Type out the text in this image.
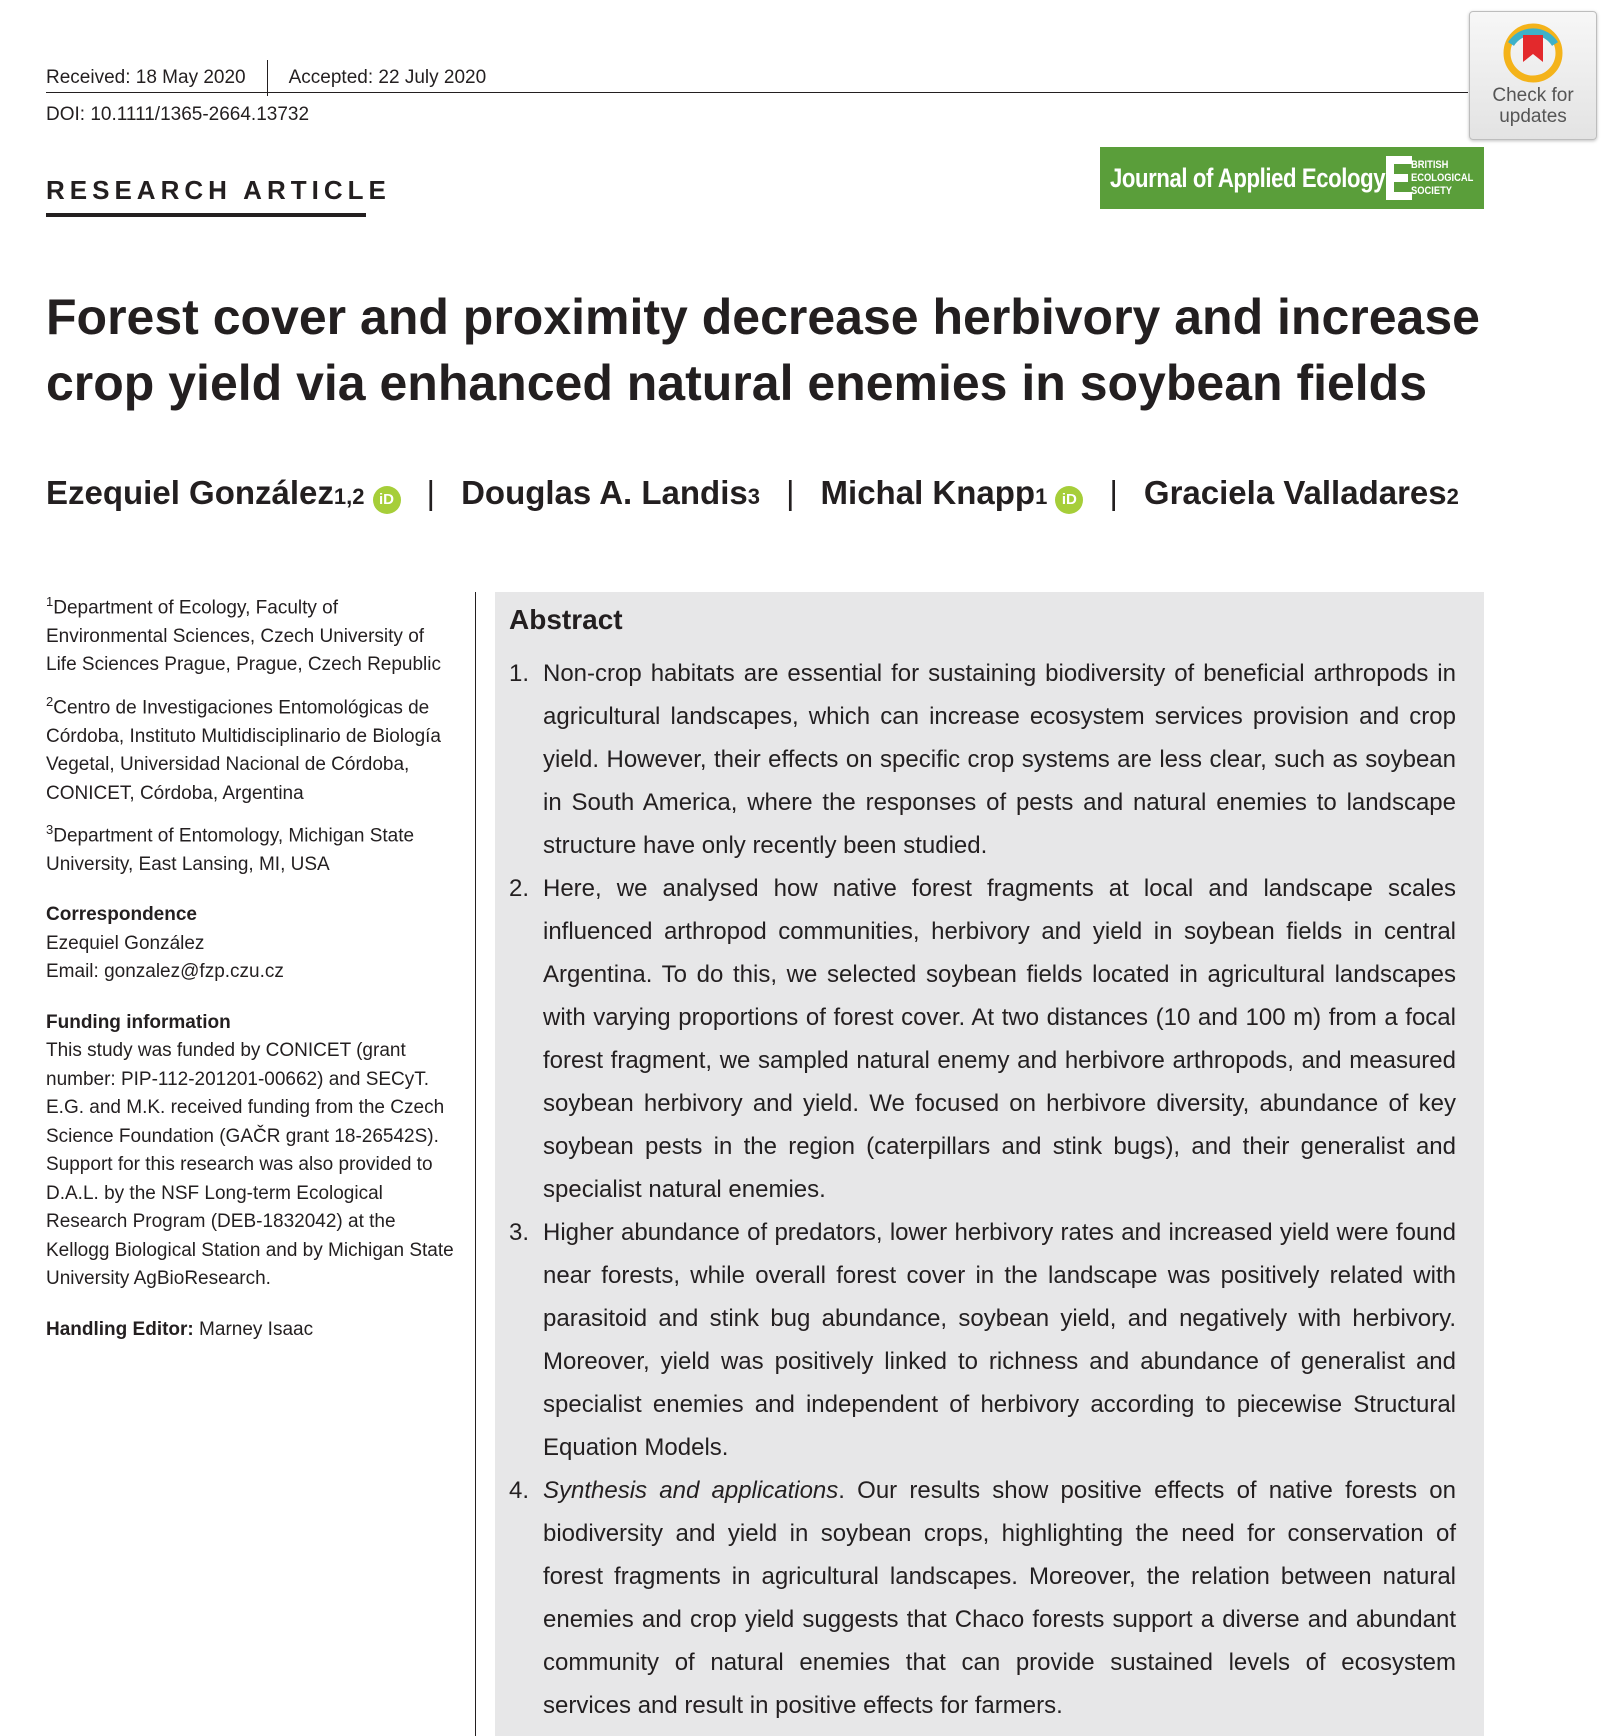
Received: 18 May 2020 Accepted: 22 July 2020
DOI: 10.1111/1365-2664.13732
Check for
updates
RESEARCH ARTICLE	Journal of Applied Ecology BRITISH
ECOLOGICAL
SOCIETY
Forest cover and proximity decrease herbivory and increase crop yield via enhanced natural enemies in soybean fields
Ezequiel González 1,2 iD | Douglas A. Landis 3 | Michal Knapp 1 iD | Graciela Valladares 2

$^1$Department of Ecology, Faculty of Environmental Sciences, Czech University of Life Sciences Prague, Prague, Czech Republic

$^2$Centro de Investigaciones Entomológicas de Córdoba, Instituto Multidisciplinario de Biología Vegetal, Universidad Nacional de Córdoba, CONICET, Córdoba, Argentina

$^3$Department of Entomology, Michigan State University, East Lansing, MI, USA

Correspondence
Ezequiel González
Email: gonzalez@fzp.czu.cz
Funding information
This study was funded by CONICET (grant number: PIP-112-201201-00662) and SECyT. E.G. and M.K. received funding from the Czech Science Foundation (GAČR grant 18-26542S). Support for this research was also provided to D.A.L. by the NSF Long-term Ecological Research Program (DEB-1832042) at the Kellogg Biological Station and by Michigan State University AgBioResearch.
Handling Editor: Marney Isaac
Abstract
1. Non-crop habitats are essential for sustaining biodiversity of beneficial arthropods in agricultural landscapes, which can increase ecosystem services provision and crop yield. However, their effects on specific crop systems are less clear, such as soybean in South America, where the responses of pests and natural enemies to landscape structure have only recently been studied.
2. Here, we analysed how native forest fragments at local and landscape scales influenced arthropod communities, herbivory and yield in soybean fields in central Argentina. To do this, we selected soybean fields located in agricultural landscapes with varying proportions of forest cover. At two distances (10 and 100 m) from a focal forest fragment, we sampled natural enemy and herbivore arthropods, and measured soybean herbivory and yield. We focused on herbivore diversity, abundance of key soybean pests in the region (caterpillars and stink bugs), and their generalist and specialist natural enemies.
3. Higher abundance of predators, lower herbivory rates and increased yield were found near forests, while overall forest cover in the landscape was positively related with parasitoid and stink bug abundance, soybean yield, and negatively with herbivory. Moreover, yield was positively linked to richness and abundance of generalist and specialist enemies and independent of herbivory according to piecewise Structural Equation Models.
4. Synthesis and applications. Our results show positive effects of native forests on biodiversity and yield in soybean crops, highlighting the need for conservation of forest fragments in agricultural landscapes. Moreover, the relation between natural enemies and crop yield suggests that Chaco forests support a diverse and abundant community of natural enemies that can provide sustained levels of ecosystem services and result in positive effects for farmers.
